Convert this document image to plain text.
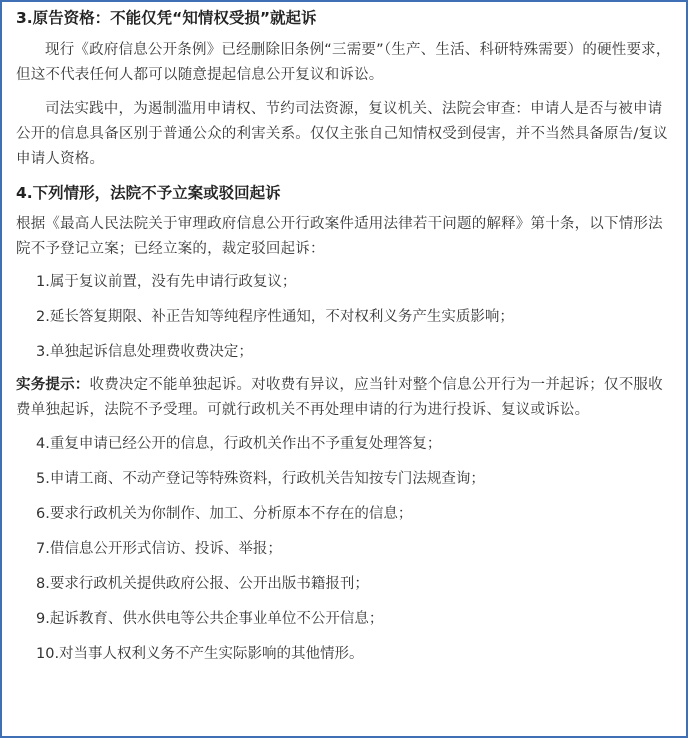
3.原告资格：不能仅凭“知情权受损”就起诉

现行《政府信息公开条例》已经删除旧条例“三需要”（生产、生活、科研特殊需要）的硬性要求，但这不代表任何人都可以随意提起信息公开复议和诉讼。

司法实践中，为遏制滥用申请权、节约司法资源，复议机关、法院会审查：申请人是否与被申请公开的信息具备区别于普通公众的利害关系。仅仅主张自己知情权受到侵害，并不当然具备原告/复议申请人资格。

4.下列情形，法院不予立案或驳回起诉

根据《最高人民法院关于审理政府信息公开行政案件适用法律若干问题的解释》第十条，以下情形法院不予登记立案；已经立案的，裁定驳回起诉：

1.属于复议前置，没有先申请行政复议；

2.延长答复期限、补正告知等纯程序性通知，不对权利义务产生实质影响；

3.单独起诉信息处理费收费决定；

实务提示：收费决定不能单独起诉。对收费有异议，应当针对整个信息公开行为一并起诉；仅不服收费单独起诉，法院不予受理。可就行政机关不再处理申请的行为进行投诉、复议或诉讼。

4.重复申请已经公开的信息，行政机关作出不予重复处理答复；

5.申请工商、不动产登记等特殊资料，行政机关告知按专门法规查询；

6.要求行政机关为你制作、加工、分析原本不存在的信息；

7.借信息公开形式信访、投诉、举报；

8.要求行政机关提供政府公报、公开出版书籍报刊；

9.起诉教育、供水供电等公共企事业单位不公开信息；

10.对当事人权利义务不产生实际影响的其他情形。
